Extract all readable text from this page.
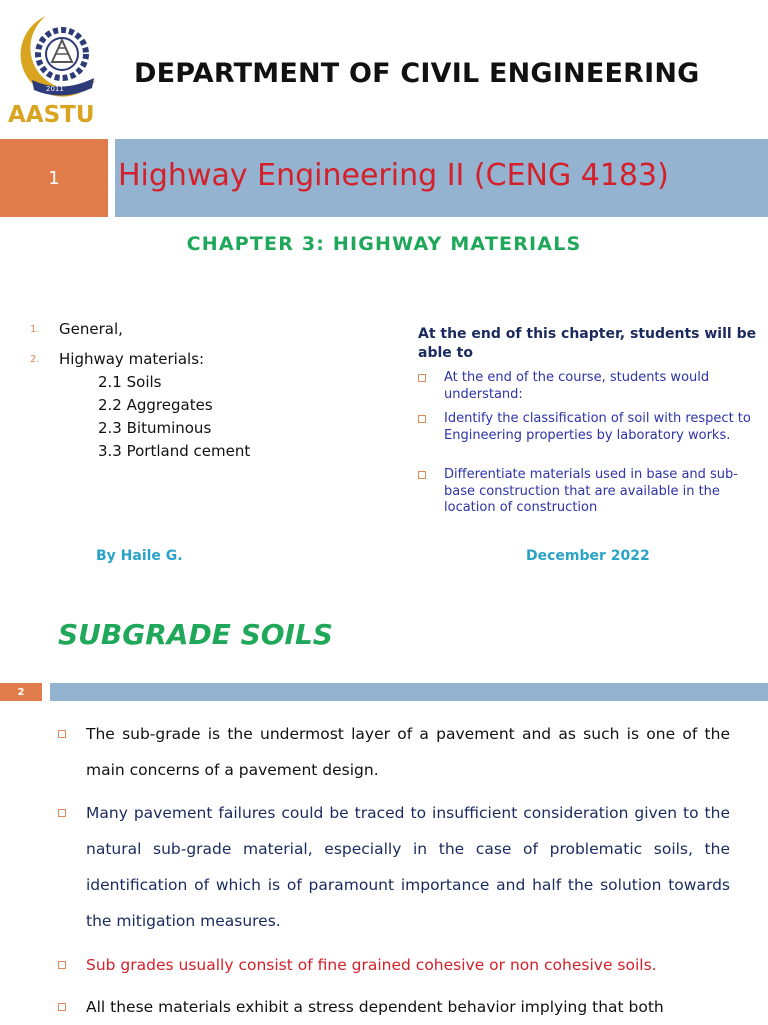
2011
AASTU
DEPARTMENT OF CIVIL ENGINEERING
1 Highway Engineering II (CENG 4183)
CHAPTER 3: HIGHWAY MATERIALS
1. General,
2. Highway materials:
2.1 Soils
2.2 Aggregates
2.3 Bituminous
3.3 Portland cement
At the end of this chapter, students will be able to
At the end of the course, students would understand:
Identify the classification of soil with respect to Engineering properties by laboratory works.
Differentiate materials used in base and sub-base construction that are available in the location of construction
By Haile G.	December 2022
SUBGRADE SOILS
2
The sub-grade is the undermost layer of a pavement and as such is one of the main concerns of a pavement design.
Many pavement failures could be traced to insufficient consideration given to the natural sub-grade material, especially in the case of problematic soils, the identification of which is of paramount importance and half the solution towards the mitigation measures.
Sub grades usually consist of fine grained cohesive or non cohesive soils.
All these materials exhibit a stress dependent behavior implying that both
